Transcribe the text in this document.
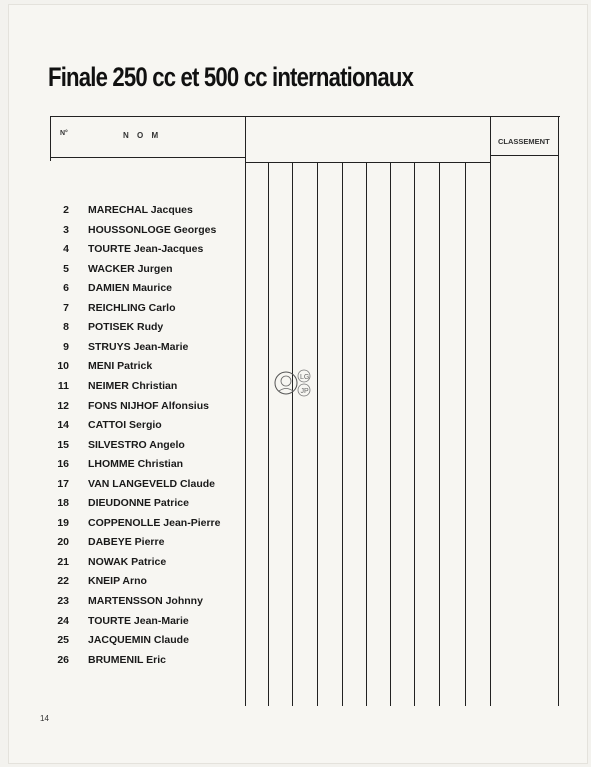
Finale 250 cc et 500 cc internationaux
N°	N O M
CLASSEMENT
2 MARECHAL Jacques
3 HOUSSONLOGE Georges
4 TOURTE Jean-Jacques
5 WACKER Jurgen
6 DAMIEN Maurice
7 REICHLING Carlo
8 POTISEK Rudy
9 STRUYS Jean-Marie
10 MENI Patrick
11 NEIMER Christian
12 FONS NIJHOF Alfonsius
14 CATTOI Sergio
15 SILVESTRO Angelo
16 LHOMME Christian
17 VAN LANGEVELD Claude
18 DIEUDONNE Patrice
19 COPPENOLLE Jean-Pierre
20 DABEYE Pierre
21 NOWAK Patrice
22 KNEIP Arno
23 MARTENSSON Johnny
24 TOURTE Jean-Marie
25 JACQUEMIN Claude
26 BRUMENIL Eric
LG
JP
14
